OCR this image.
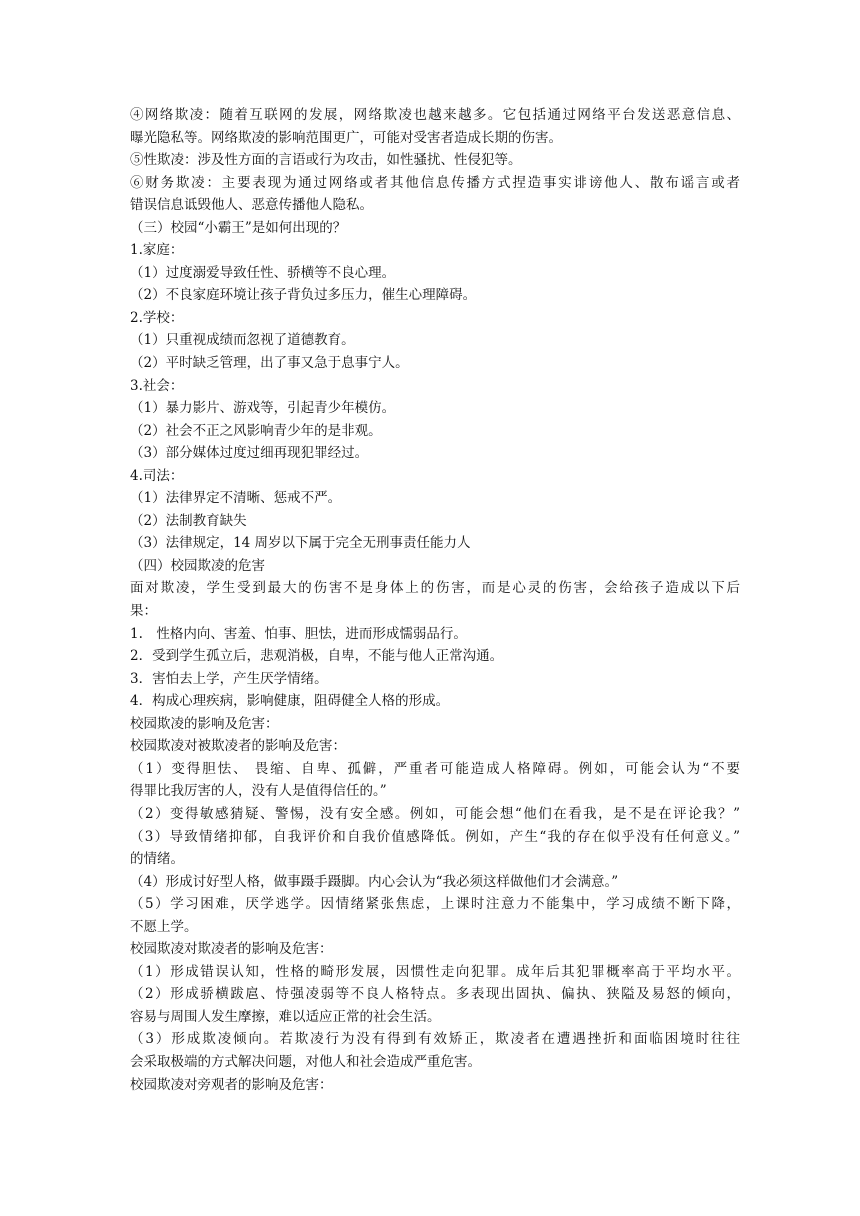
④网络欺凌：随着互联网的发展，网络欺凌也越来越多。它包括通过网络平台发送恶意信息、
曝光隐私等。网络欺凌的影响范围更广，可能对受害者造成长期的伤害。
⑤性欺凌：涉及性方面的言语或行为攻击，如性骚扰、性侵犯等。
⑥财务欺凌：主要表现为通过网络或者其他信息传播方式捏造事实诽谤他人、散布谣言或者
错误信息诋毁他人、恶意传播他人隐私。
（三）校园“小霸王”是如何出现的？
1.家庭：
（1）过度溺爱导致任性、骄横等不良心理。
（2）不良家庭环境让孩子背负过多压力，催生心理障碍。
2.学校：
（1）只重视成绩而忽视了道德教育。
（2）平时缺乏管理，出了事又急于息事宁人。
3.社会：
（1）暴力影片、游戏等，引起青少年模仿。
（2）社会不正之风影响青少年的是非观。
（3）部分媒体过度过细再现犯罪经过。
4.司法：
（1）法律界定不清晰、惩戒不严。
（2）法制教育缺失
（3）法律规定，14 周岁以下属于完全无刑事责任能力人
（四）校园欺凌的危害
面对欺凌，学生受到最大的伤害不是身体上的伤害，而是心灵的伤害，会给孩子造成以下后
果：
1.　性格内向、害羞、怕事、胆怯，进而形成懦弱品行。
2．受到学生孤立后，悲观消极，自卑，不能与他人正常沟通。
3．害怕去上学，产生厌学情绪。
4．构成心理疾病，影响健康，阻碍健全人格的形成。
校园欺凌的影响及危害：
校园欺凌对被欺凌者的影响及危害：
（1）变得胆怯、 畏缩、自卑、孤僻，严重者可能造成人格障碍。例如，可能会认为“不要
得罪比我厉害的人，没有人是值得信任的。”
（2）变得敏感猜疑、警惕，没有安全感。例如，可能会想“他们在看我，是不是在评论我？”
（3）导致情绪抑郁，自我评价和自我价值感降低。例如，产生“我的存在似乎没有任何意义。”
的情绪。
（4）形成讨好型人格，做事蹑手蹑脚。内心会认为“我必须这样做他们才会满意。”
（5）学习困难，厌学逃学。因情绪紧张焦虑，上课时注意力不能集中，学习成绩不断下降，
不愿上学。
校园欺凌对欺凌者的影响及危害：
（1）形成错误认知，性格的畸形发展，因惯性走向犯罪。成年后其犯罪概率高于平均水平。
（2）形成骄横跋扈、恃强凌弱等不良人格特点。多表现出固执、偏执、狭隘及易怒的倾向，
容易与周围人发生摩擦，难以适应正常的社会生活。
（3）形成欺凌倾向。若欺凌行为没有得到有效矫正，欺凌者在遭遇挫折和面临困境时往往
会采取极端的方式解决问题，对他人和社会造成严重危害。
校园欺凌对旁观者的影响及危害：
